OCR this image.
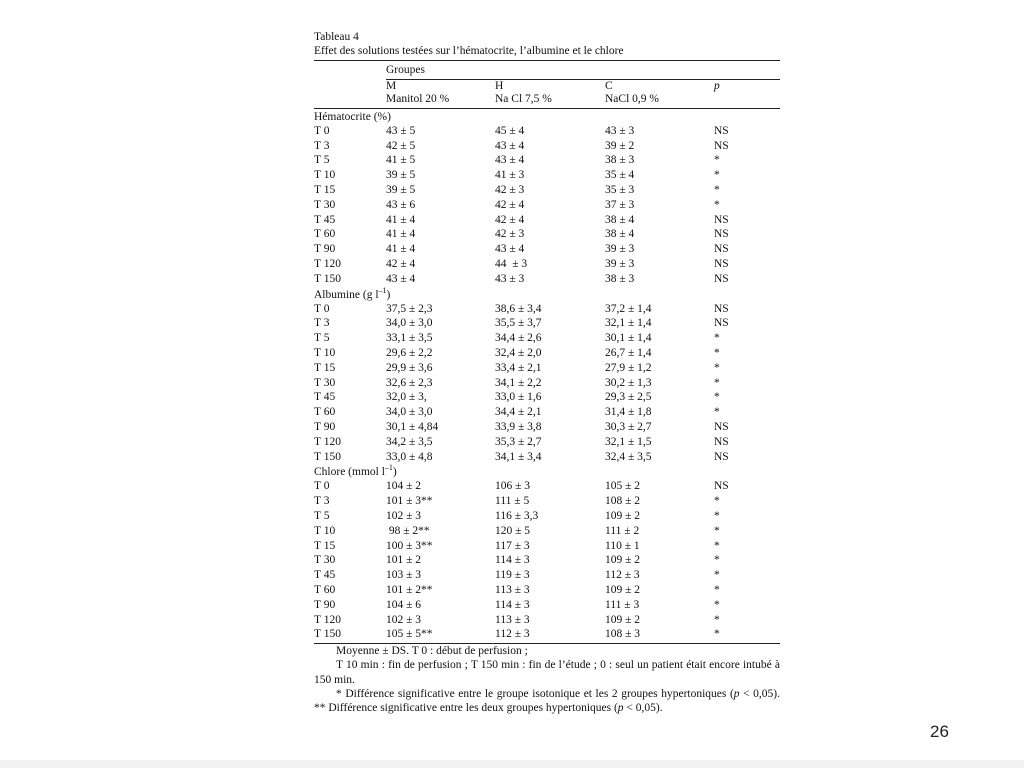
Tableau 4

Effet des solutions testées sur l’hématocrite, l’albumine et le chlore

Groupes
M	H	C	p
Manitol 20 %	Na Cl 7,5 %	NaCl 0,9 %
Hématocrite (%)
T 0	43 ± 5	45 ± 4	43 ± 3	NS
T 3	42 ± 5	43 ± 4	39 ± 2	NS
T 5	41 ± 5	43 ± 4	38 ± 3	*
T 10	39 ± 5	41 ± 3	35 ± 4	*
T 15	39 ± 5	42 ± 3	35 ± 3	*
T 30	43 ± 6	42 ± 4	37 ± 3	*
T 45	41 ± 4	42 ± 4	38 ± 4	NS
T 60	41 ± 4	42 ± 3	38 ± 4	NS
T 90	41 ± 4	43 ± 4	39 ± 3	NS
T 120	42 ± 4	44  ± 3	39 ± 3	NS
T 150	43 ± 4	43 ± 3	38 ± 3	NS
Albumine (g $l^{-1}$)
T 0	37,5 ± 2,3	38,6 ± 3,4	37,2 ± 1,4	NS
T 3	34,0 ± 3,0	35,5 ± 3,7	32,1 ± 1,4	NS
T 5	33,1 ± 3,5	34,4 ± 2,6	30,1 ± 1,4	*
T 10	29,6 ± 2,2	32,4 ± 2,0	26,7 ± 1,4	*
T 15	29,9 ± 3,6	33,4 ± 2,1	27,9 ± 1,2	*
T 30	32,6 ± 2,3	34,1 ± 2,2	30,2 ± 1,3	*
T 45	32,0 ± 3,	33,0 ± 1,6	29,3 ± 2,5	*
T 60	34,0 ± 3,0	34,4 ± 2,1	31,4 ± 1,8	*
T 90	30,1 ± 4,84	33,9 ± 3,8	30,3 ± 2,7	NS
T 120	34,2 ± 3,5	35,3 ± 2,7	32,1 ± 1,5	NS
T 150	33,0 ± 4,8	34,1 ± 3,4	32,4 ± 3,5	NS
Chlore (mmol $l^{-1}$)
T 0	104 ± 2	106 ± 3	105 ± 2	NS
T 3	101 ± 3**	111 ± 5	108 ± 2	*
T 5	102 ± 3	116 ± 3,3	109 ± 2	*
T 10	98 ± 2**	120 ± 5	111 ± 2	*
T 15	100 ± 3**	117 ± 3	110 ± 1	*
T 30	101 ± 2	114 ± 3	109 ± 2	*
T 45	103 ± 3	119 ± 3	112 ± 3	*
T 60	101 ± 2**	113 ± 3	109 ± 2	*
T 90	104 ± 6	114 ± 3	111 ± 3	*
T 120	102 ± 3	113 ± 3	109 ± 2	*
T 150	105 ± 5**	112 ± 3	108 ± 3	*

Moyenne ± DS. T 0 : début de perfusion ;

T 10 min : fin de perfusion ; T 150 min : fin de l’étude ; 0 : seul un patient était encore intubé à 150 min.

* Différence significative entre le groupe isotonique et les 2 groupes hypertoniques (p < 0,05). ** Différence significative entre les deux groupes hypertoniques (p < 0,05).

26
